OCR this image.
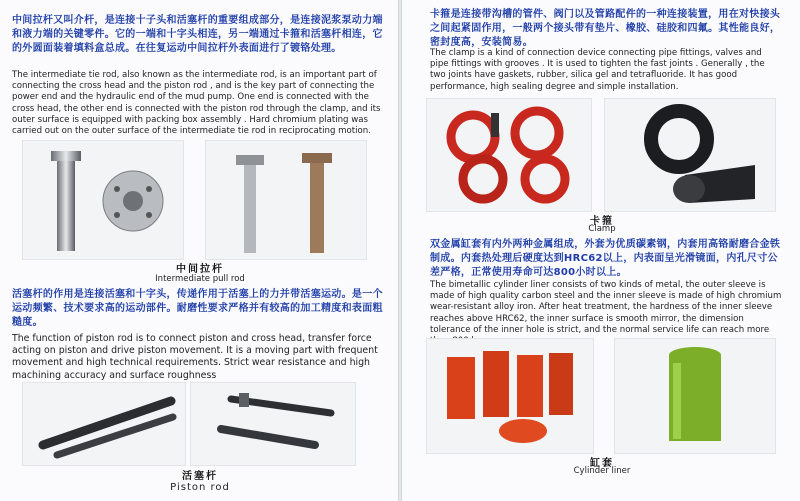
中间拉杆又叫介杆，是连接十子头和活塞杆的重要组成部分，是连接泥浆泵动力端和液力端的关键零件。它的一端和十字头相连，另一端通过卡箍和活塞杆相连，它的外圆面装着填料盒总成。在往复运动中间拉杆外表面进行了镀铬处理。
The intermediate tie rod, also known as the intermediate rod, is an important part of connecting the cross head and the piston rod , and is the key part of connecting the power end and the hydraulic end of the mud pump. One end is connected with the cross head, the other end is connected with the piston rod through the clamp, and its outer surface is equipped with packing box assembly . Hard chromium plating was carried out on the outer surface of the intermediate tie rod in reciprocating motion.
中间拉杆
Intermediate pull rod
活塞杆的作用是连接活塞和十字头，传递作用于活塞上的力并带活塞运动。是一个运动频繁、技术要求高的运动部件。耐磨性要求严格并有较高的加工精度和表面粗糙度。
The function of piston rod is to connect piston and cross head, transfer force acting on piston and drive piston movement. It is a moving part with frequent movement and high technical requirements. Strict wear resistance and high machining accuracy and surface roughness
活塞杆
Piston rod
卡箍是连接带沟槽的管件、阀门以及管路配件的一种连接装置，用在对快接头之间起紧固作用，一般两个接头带有垫片、橡胶、硅胶和四氟。其性能良好，密封度高，安装简易。
The clamp is a kind of connection device connecting pipe fittings, valves and pipe fittings with grooves . It is used to tighten the fast joints . Generally , the two joints have gaskets, rubber, silica gel and tetrafluoride. It has good performance, high sealing degree and simple installation.
卡箍
Clamp
双金属缸套有内外两种金属组成，外套为优质碳素钢，内套用高铬耐磨合金铁制成。内套热处理后硬度达到HRC62以上，内表面呈光滑镜面，内孔尺寸公差严格，正常使用寿命可达800小时以上。
The bimetallic cylinder liner consists of two kinds of metal, the outer sleeve is made of high quality carbon steel and the inner sleeve is made of high chromium wear-resistant alloy iron. After heat treatment, the hardness of the inner sleeve reaches above HRC62, the inner surface is smooth mirror, the dimension tolerance of the inner hole is strict, and the normal service life can reach more
缸套
Cylinder liner
